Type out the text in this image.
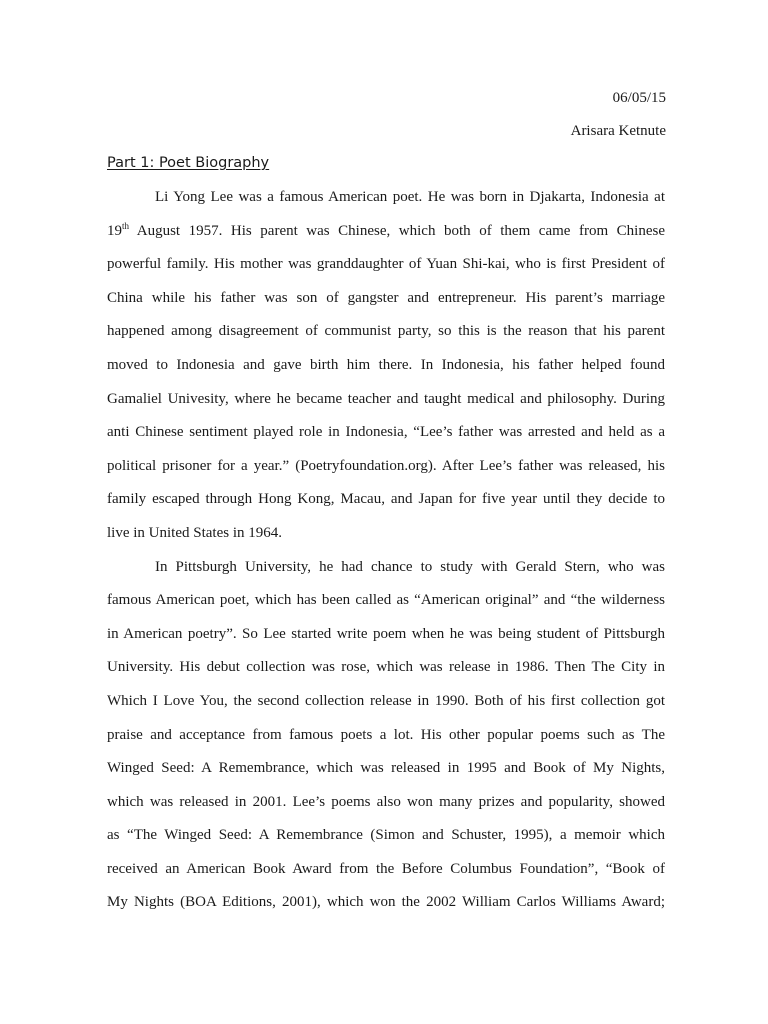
06/05/15
Arisara Ketnute
Part 1: Poet Biography
Li Yong Lee was a famous American poet. He was born in Djakarta, Indonesia at
19th August 1957. His parent was Chinese, which both of them came from Chinese
powerful family. His mother was granddaughter of Yuan Shi-kai, who is first President of
China while his father was son of gangster and entrepreneur. His parent’s marriage
happened among disagreement of communist party, so this is the reason that his parent
moved to Indonesia and gave birth him there. In Indonesia, his father helped found
Gamaliel Univesity, where he became teacher and taught medical and philosophy. During
anti Chinese sentiment played role in Indonesia, “Lee’s father was arrested and held as a
political prisoner for a year.” (Poetryfoundation.org). After Lee’s father was released, his
family escaped through Hong Kong, Macau, and Japan for five year until they decide to
live in United States in 1964.
In Pittsburgh University, he had chance to study with Gerald Stern, who was
famous American poet, which has been called as “American original” and “the wilderness
in American poetry”. So Lee started write poem when he was being student of Pittsburgh
University. His debut collection was rose, which was release in 1986. Then The City in
Which I Love You, the second collection release in 1990. Both of his first collection got
praise and acceptance from famous poets a lot. His other popular poems such as The
Winged Seed: A Remembrance, which was released in 1995 and Book of My Nights,
which was released in 2001. Lee’s poems also won many prizes and popularity, showed
as “The Winged Seed: A Remembrance (Simon and Schuster, 1995), a memoir which
received an American Book Award from the Before Columbus Foundation”, “Book of
My Nights (BOA Editions, 2001), which won the 2002 William Carlos Williams Award;
